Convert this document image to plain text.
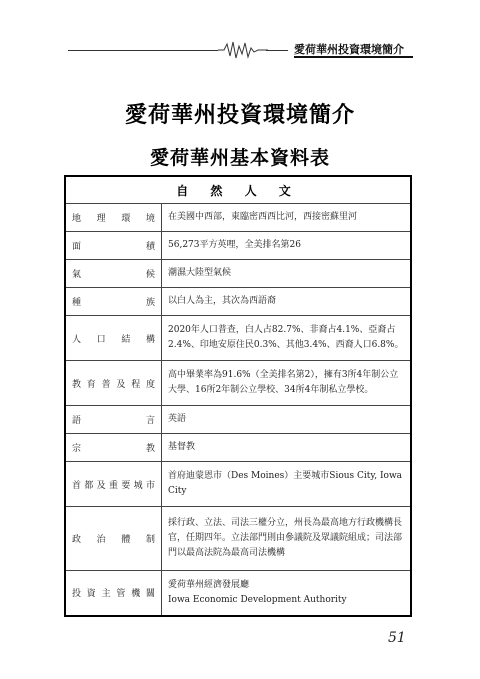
愛荷華州投資環境簡介
愛荷華州投資環境簡介
愛荷華州基本資料表
自 然 人 文	
地理環境	在美國中西部，東臨密西西比河，西接密蘇里河
面積	56,273平方英哩，全美排名第26
氣候	潮濕大陸型氣候
種族	以白人為主，其次為西語裔
人口結構	2020年人口普查，白人占82.7%、非裔占4.1%、亞裔占2.4%、印地安原住民0.3%、其他3.4%、西裔人口6.8%。
教育普及程度	高中畢業率為91.6%（全美排名第2），擁有3所4年制公立大學、16所2年制公立學校、34所4年制私立學校。
語言	英語
宗教	基督教
首都及重要城市	首府迪蒙恩市（Des Moines）主要城市Sious City, Iowa City
政治體制	採行政、立法、司法三權分立，州長為最高地方行政機構長官，任期四年。立法部門則由參議院及眾議院組成；司法部門以最高法院為最高司法機構
投資主管機關	愛荷華州經濟發展廳
Iowa Economic Development Authority
51
